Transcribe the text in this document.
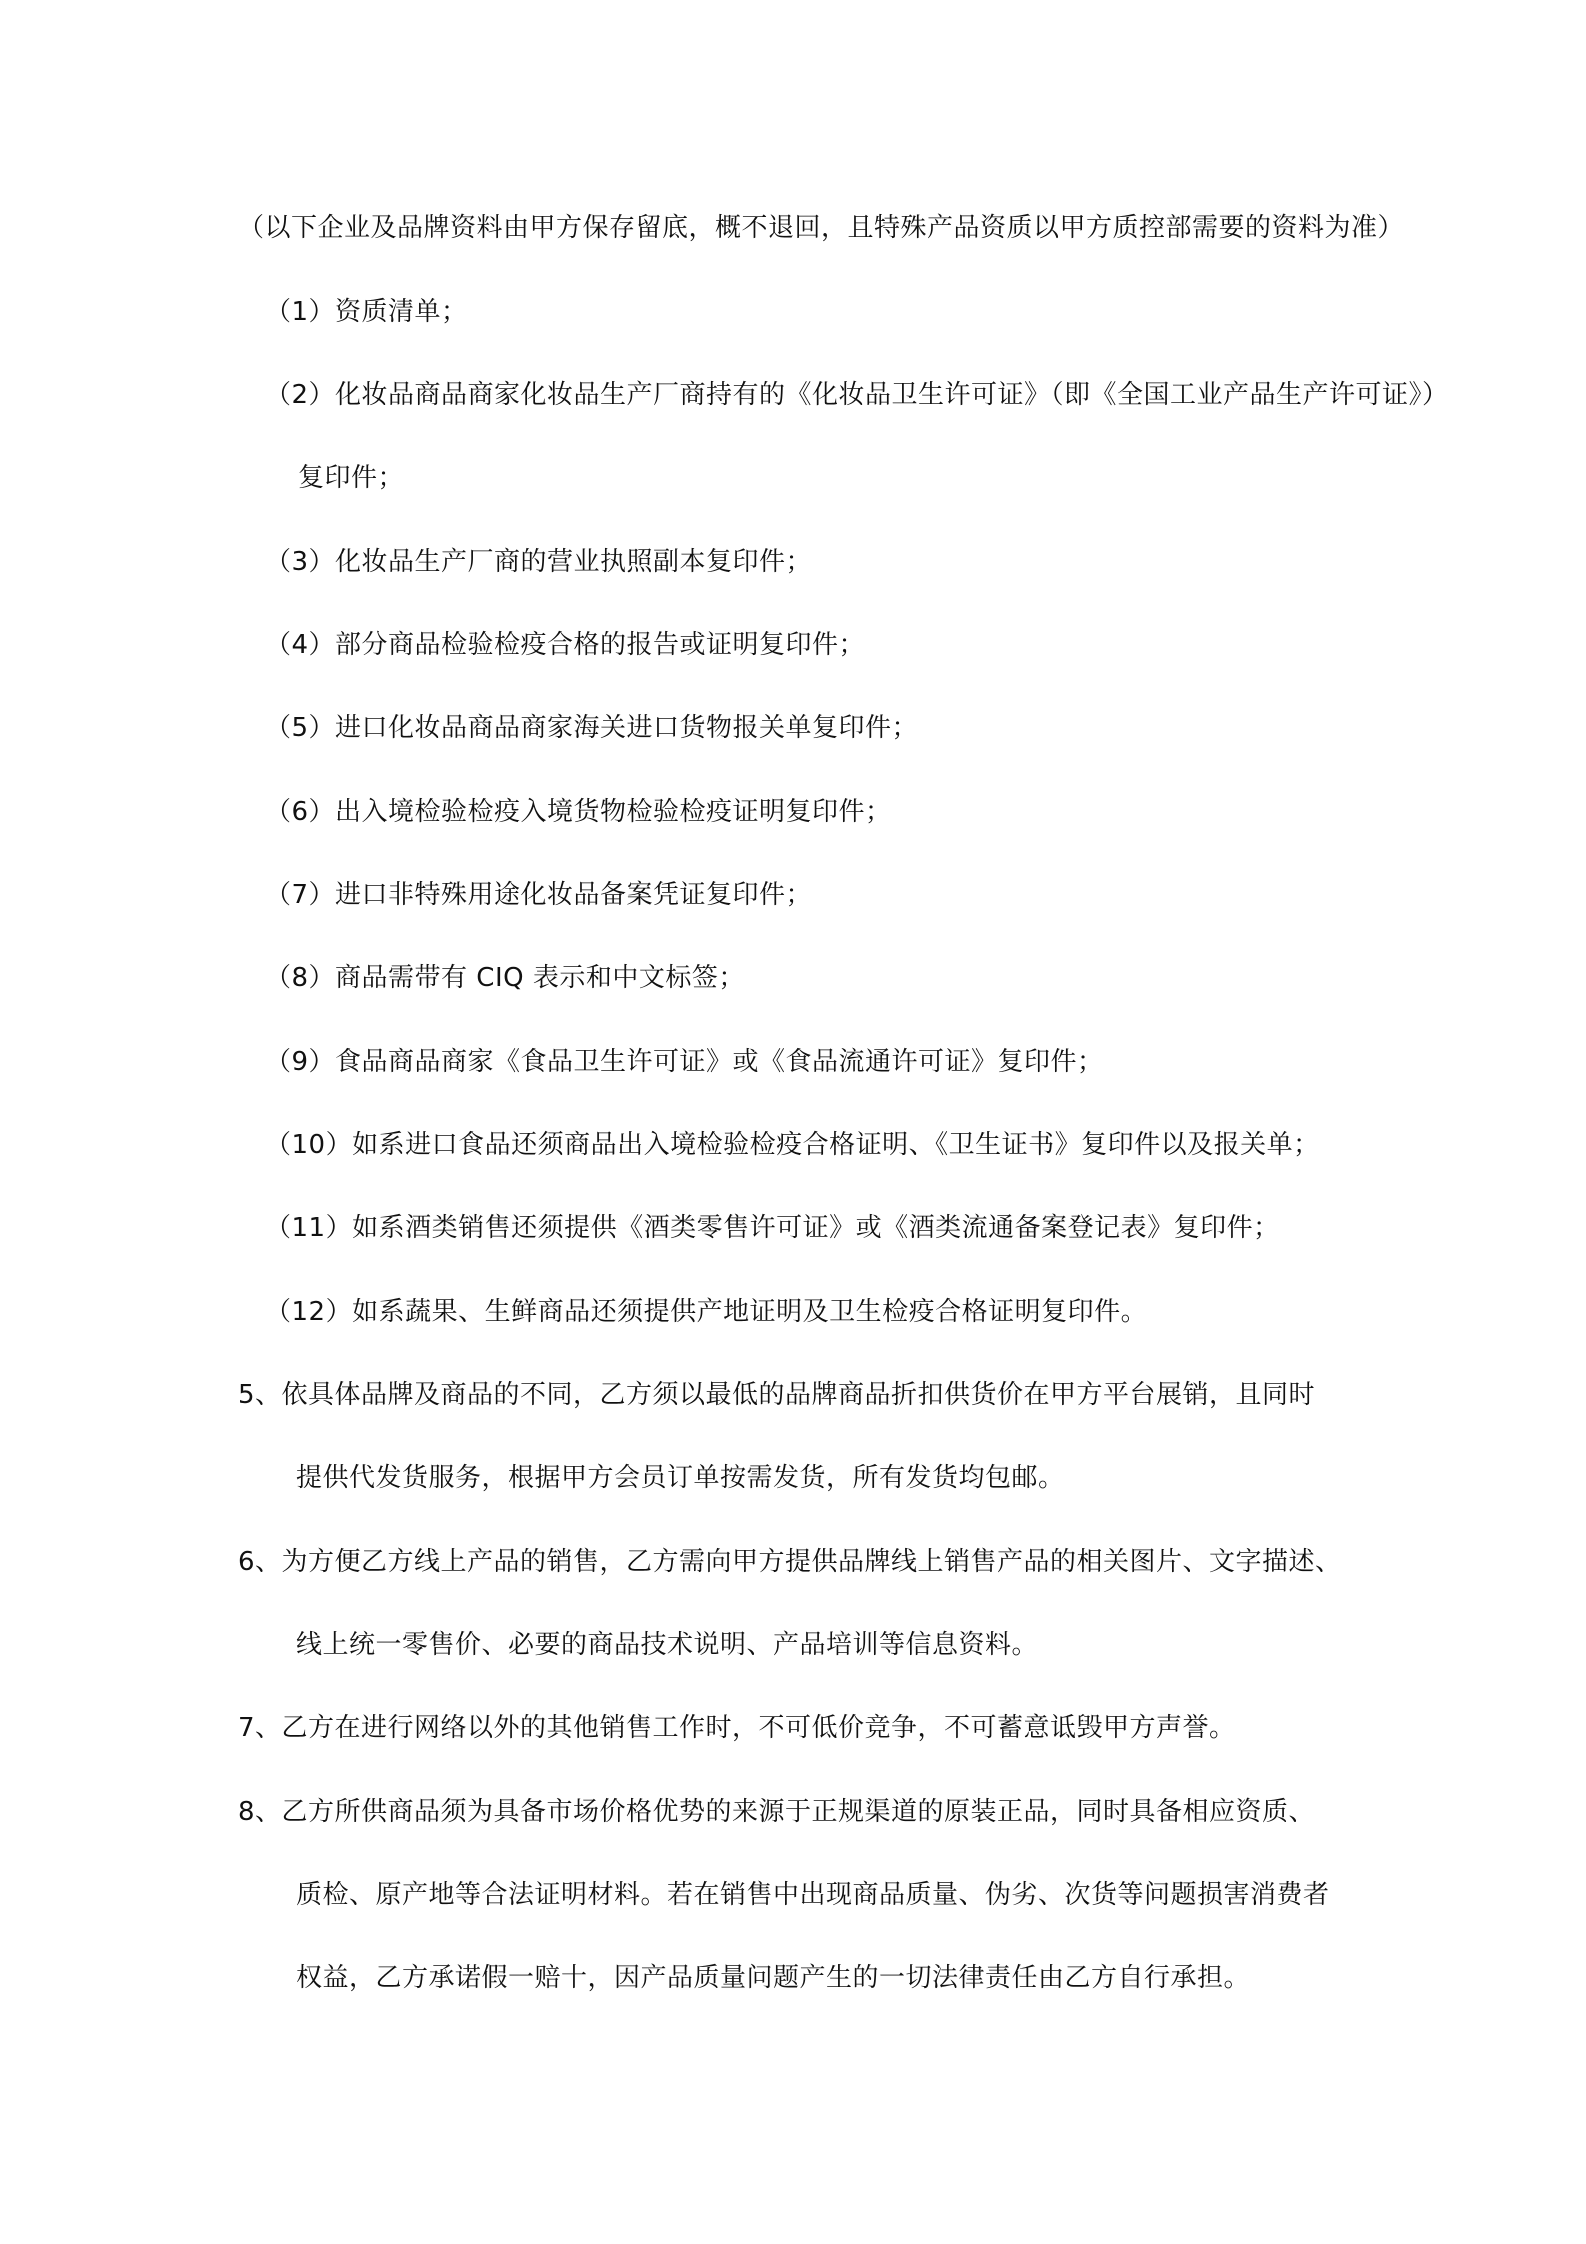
（以下企业及品牌资料由甲方保存留底，概不退回，且特殊产品资质以甲方质控部需要的资料为准）
（1）资质清单；
（2）化妆品商品商家化妆品生产厂商持有的《化妆品卫生许可证》（即《全国工业产品生产许可证》）
复印件；
（3）化妆品生产厂商的营业执照副本复印件；
（4）部分商品检验检疫合格的报告或证明复印件；
（5）进口化妆品商品商家海关进口货物报关单复印件；
（6）出入境检验检疫入境货物检验检疫证明复印件；
（7）进口非特殊用途化妆品备案凭证复印件；
（8）商品需带有 CIQ 表示和中文标签；
（9）食品商品商家《食品卫生许可证》或《食品流通许可证》复印件；
（10）如系进口食品还须商品出入境检验检疫合格证明、《卫生证书》复印件以及报关单；
（11）如系酒类销售还须提供《酒类零售许可证》或《酒类流通备案登记表》复印件；
（12）如系蔬果、生鲜商品还须提供产地证明及卫生检疫合格证明复印件。
5、依具体品牌及商品的不同，乙方须以最低的品牌商品折扣供货价在甲方平台展销，且同时
提供代发货服务，根据甲方会员订单按需发货，所有发货均包邮。
6、为方便乙方线上产品的销售，乙方需向甲方提供品牌线上销售产品的相关图片、文字描述、
线上统一零售价、必要的商品技术说明、产品培训等信息资料。
7、乙方在进行网络以外的其他销售工作时，不可低价竞争，不可蓄意诋毁甲方声誉。
8、乙方所供商品须为具备市场价格优势的来源于正规渠道的原装正品，同时具备相应资质、
质检、原产地等合法证明材料。若在销售中出现商品质量、伪劣、次货等问题损害消费者
权益，乙方承诺假一赔十，因产品质量问题产生的一切法律责任由乙方自行承担。
